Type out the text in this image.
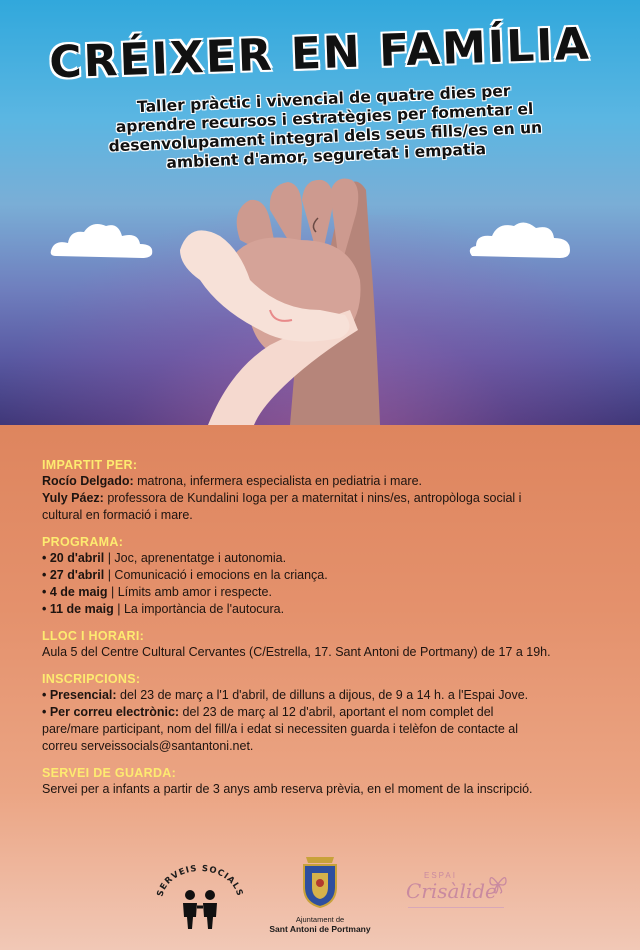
CRÉIXER EN FAMÍLIA
Taller pràctic i vivencial de quatre dies per aprendre recursos i estratègies per fomentar el desenvolupament integral dels seus fills/es en un ambient d'amor, seguretat i empatia
IMPARTIT PER:
Rocío Delgado: matrona, infermera especialista en pediatria i mare.
Yuly Páez: professora de Kundalini Ioga per a maternitat i nins/es, antropòloga social i
cultural en formació i mare.
PROGRAMA:
• 20 d'abril | Joc, aprenentatge i autonomia.
• 27 d'abril | Comunicació i emocions en la criança.
• 4 de maig | Límits amb amor i respecte.
• 11 de maig | La importància de l'autocura.
LLOC I HORARI:
Aula 5 del Centre Cultural Cervantes (C/Estrella, 17. Sant Antoni de Portmany) de 17 a 19h.
INSCRIPCIONS:
• Presencial: del 23 de març a l'1 d'abril, de dilluns a dijous, de 9 a 14 h. a l'Espai Jove.
• Per correu electrònic: del 23 de març al 12 d'abril, aportant el nom complet del
pare/mare participant, nom del fill/a i edat si necessiten guarda i telèfon de contacte al
correu serveissocials@santantoni.net.
SERVEI DE GUARDA:
Servei per a infants a partir de 3 anys amb reserva prèvia, en el moment de la inscripció.
SERVEIS SOCIALS
Ajuntament de
Sant Antoni de Portmany
ESPAI
Crisàlide
